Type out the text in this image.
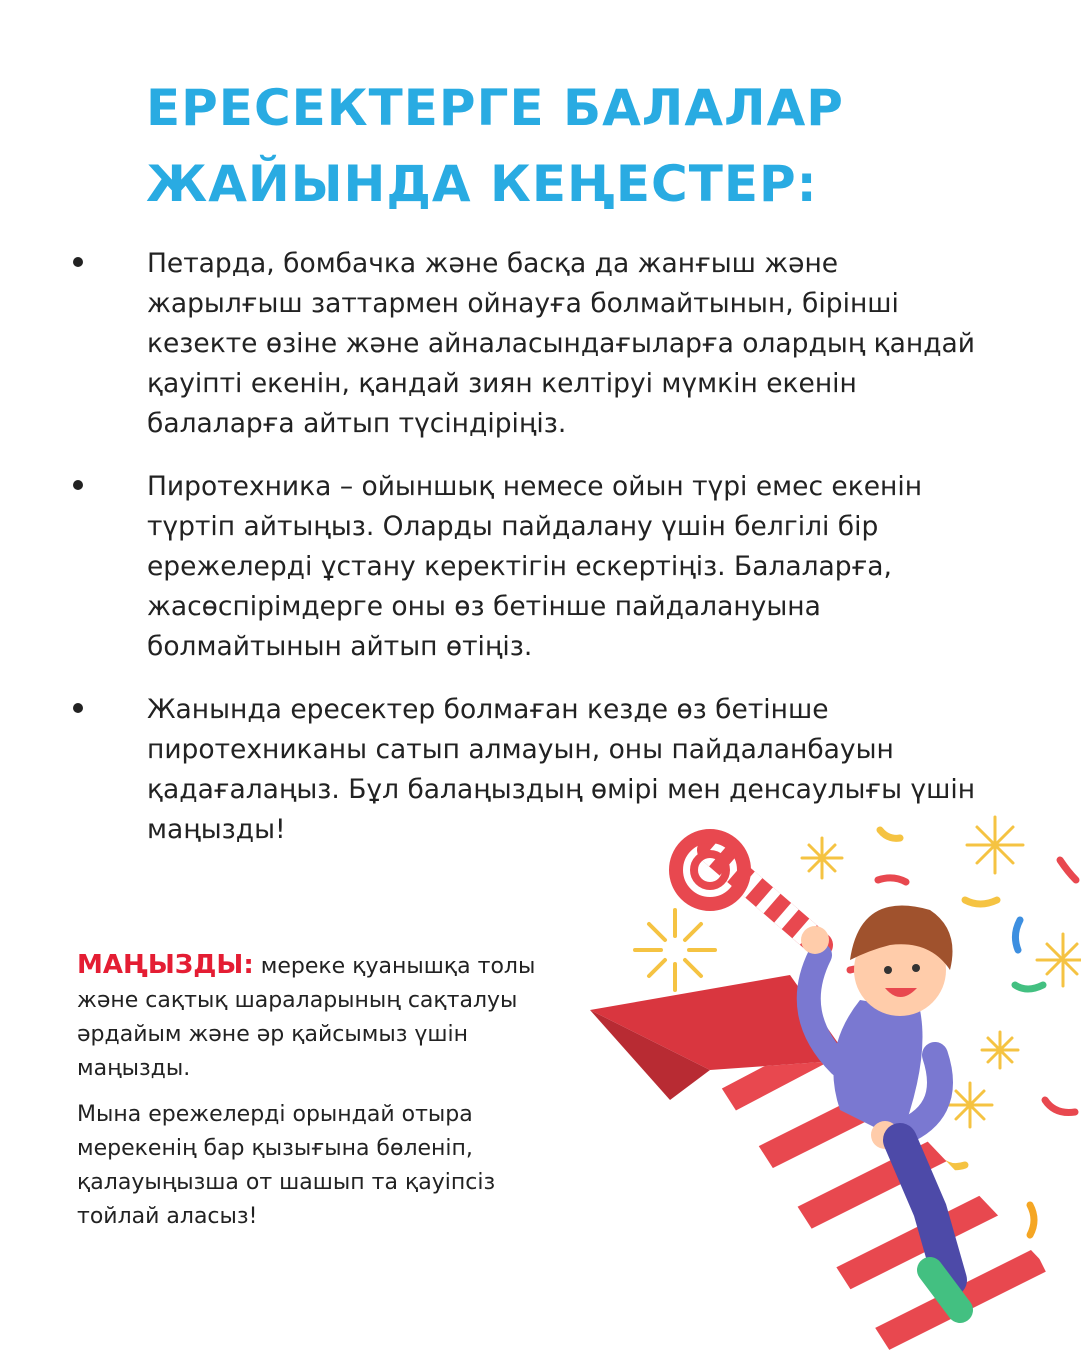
ЕРЕСЕКТЕРГЕ БАЛАЛАР
ЖАЙЫНДА КЕҢЕСТЕР:
Петарда, бомбачка және басқа да жанғыш және жарылғыш заттармен ойнауға болмайтынын, бірінші кезекте өзіне және айналасындағыларға олардың қандай қауіпті екенін, қандай зиян келтіруі мүмкін екенін балаларға айтып түсіндіріңіз.
Пиротехника – ойыншық немесе ойын түрі емес екенін түртіп айтыңыз. Оларды пайдалану үшін белгілі бір ережелерді ұстану керектігін ескертіңіз. Балаларға, жасөспірімдерге оны өз бетінше пайдалануына болмайтынын айтып өтіңіз.
Жанында ересектер болмаған кезде өз бетінше пиротехниканы сатып алмауын, оны пайдаланбауын қадағалаңыз. Бұл балаңыздың өмірі мен денсаулығы үшін маңызды!

МАҢЫЗДЫ: мереке қуанышқа толы және сақтық шараларының сақталуы әрдайым және әр қайсымыз үшін маңызды.

Мына ережелерді орындай отыра мерекенің бар қызығына бөленіп, қалауыңызша от шашып та қауіпсіз тойлай аласыз!
